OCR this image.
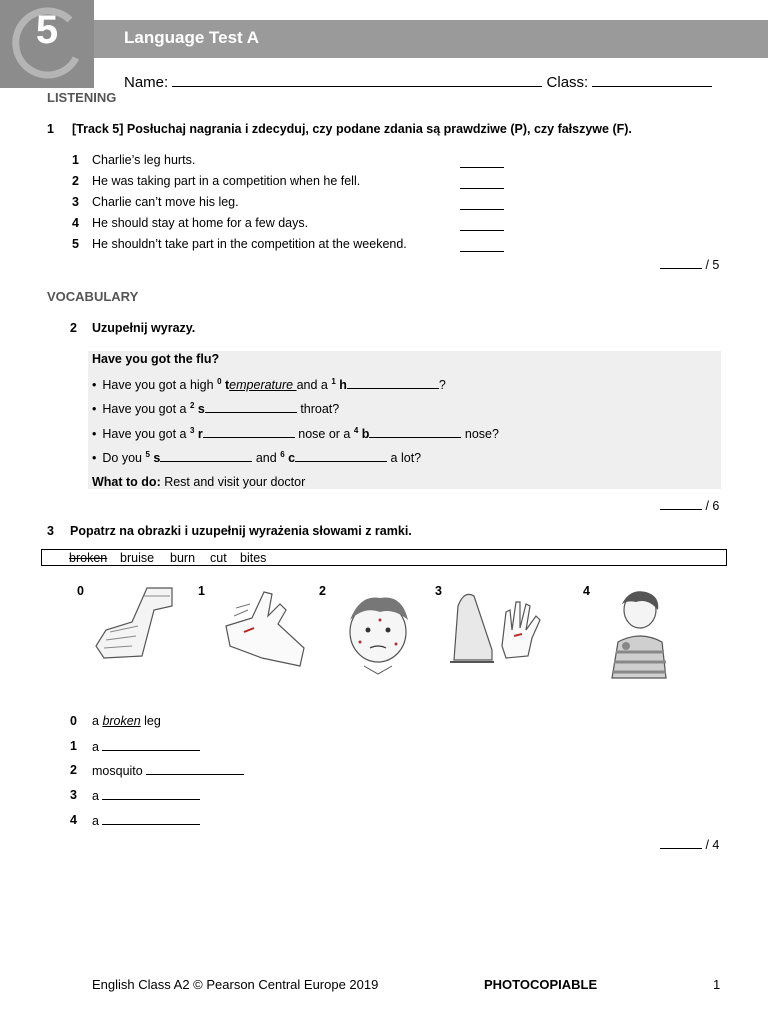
5	Language Test A
Name:	Class:
LISTENING
1 [Track 5] Posłuchaj nagrania i zdecyduj, czy podane zdania są prawdziwe (P), czy fałszywe (F).
1 Charlie’s leg hurts.
2 He was taking part in a competition when he fell.
3 Charlie can’t move his leg.
4 He should stay at home for a few days.
5 He shouldn’t take part in the competition at the weekend.
/ 5
VOCABULARY
2 Uzupełnij wyrazy.
Have you got the flu?
• Have you got a high $^0$ temperature and a $^1$ h	?
• Have you got a $^2$ s	throat?
• Have you got a $^3$ r	nose or a $^4$ b	nose?
• Do you $^5$ s	and $^6$ c	a lot?
What to do: Rest and visit your doctor
/ 6
3 Popatrz na obrazki i uzupełnij wyrażenia słowami z ramki.
broken bruise burn cut bites
0	1	2	3	4
0 a broken leg
1 a
2 mosquito
3 a
4 a
/ 4
English Class A2 © Pearson Central Europe 2019	PHOTOCOPIABLE	1
